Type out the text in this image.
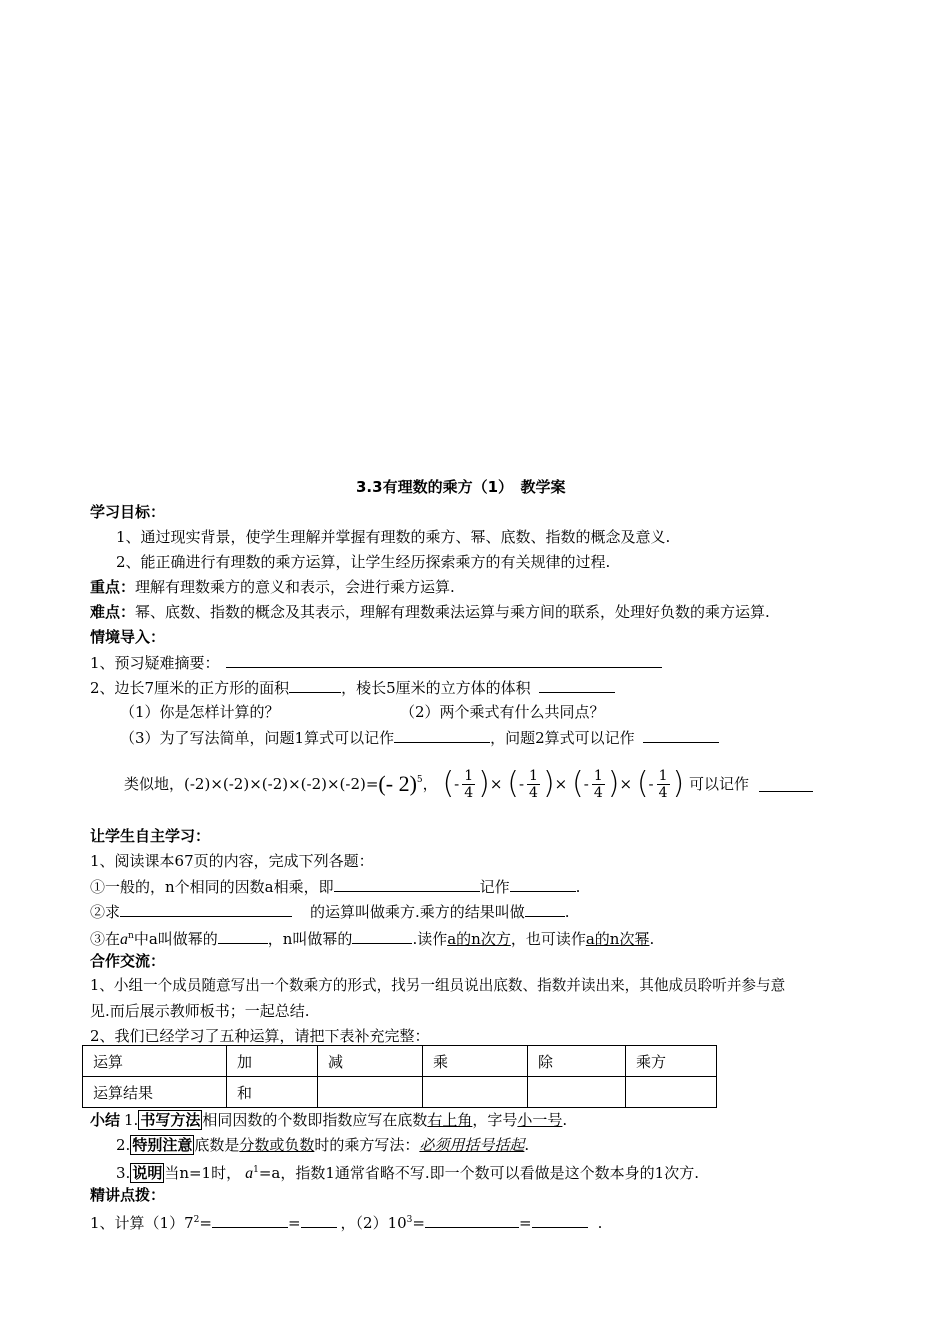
3.3有理数的乘方（1）　教学案
学习目标：
1、通过现实背景，使学生理解并掌握有理数的乘方、幂、底数、指数的概念及意义.
2、能正确进行有理数的乘方运算，让学生经历探索乘方的有关规律的过程.
重点：理解有理数乘方的意义和表示，会进行乘方运算.
难点：幂、底数、指数的概念及其表示，理解有理数乘法运算与乘方间的联系，处理好负数的乘方运算.
情境导入：
1、预习疑难摘要：
2、边长7厘米的正方形的面积	，棱长5厘米的立方体的体积
（1）你是怎样计算的？	（2）两个乘式有什么共同点？
（3）为了写法简单，问题1算式可以记作	，问题2算式可以记作
类似地，(-2)×(-2)×(-2)×(-2)×(-2)=(- 2)$^5$， (- $\frac{1}{4}$ )× (- $\frac{1}{4}$ )× (- $\frac{1}{4}$ )× (- $\frac{1}{4}$ ) 可以记作
让学生自主学习：
1、阅读课本67页的内容，完成下列各题：
①一般的，n个相同的因数a相乘，即	记作	.
②求	的运算叫做乘方.乘方的结果叫做	.
③在$a^n$中a叫做幂的	，n叫做幂的	.读作a的n次方，也可读作a的n次幂.
合作交流：
1、小组一个成员随意写出一个数乘方的形式，找另一组员说出底数、指数并读出来，其他成员聆听并参与意
见.而后展示教师板书；一起总结.
2、我们已经学习了五种运算，请把下表补充完整：
运算	加	减	乘	除	乘方
运算结果	和				
小结 1. 书写方法 相同因数的个数即指数应写在底数右上角，字号小一号.
2. 特别注意 底数是分数或负数时的乘方写法：必须用括号括起.
3. 说明 当n=1时， $a^1=a$，指数1通常省略不写.即一个数可以看做是这个数本身的1次方.
精讲点拨：
1、计算$(1)7^2=$	=	，$(2)10^3=$	=	.
